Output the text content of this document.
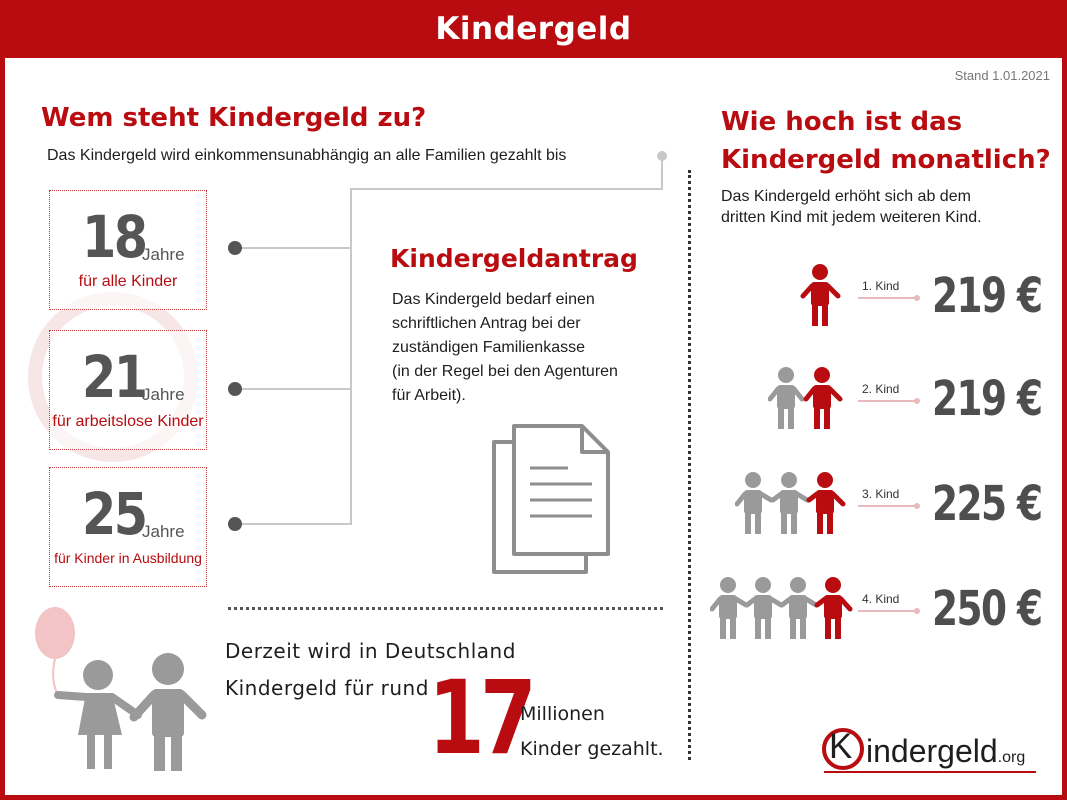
Kindergeld
Stand 1.01.2021
Wem steht Kindergeld zu?
Das Kindergeld wird einkommensunabhängig an alle Familien gezahlt bis
18
Jahre
für alle Kinder
21
Jahre
für arbeitslose Kinder
25
Jahre
für Kinder in Ausbildung
Kindergeldantrag
Das Kindergeld bedarf einen
schriftlichen Antrag bei der
zuständigen Familienkasse
(in der Regel bei den Agenturen
für Arbeit).
Derzeit wird in Deutschland
Kindergeld für rund 17
Millionen
Kinder gezahlt.
Wie hoch ist das
Kindergeld monatlich?
Das Kindergeld erhöht sich ab dem
dritten Kind mit jedem weiteren Kind.
1. Kind 219 €
2. Kind 219 €
3. Kind 225 €
4. Kind 250 €
K indergeld.org
